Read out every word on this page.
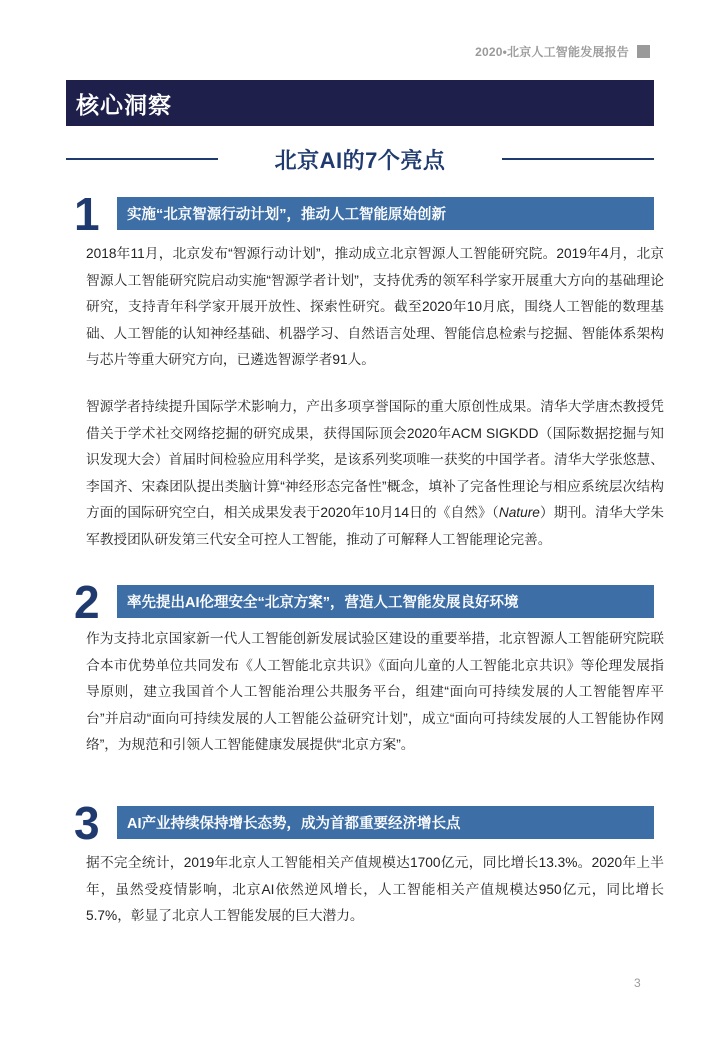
2020•北京人工智能发展报告
核心洞察
北京AI的7个亮点
1	实施“北京智源行动计划”，推动人工智能原始创新

2018年11月，北京发布“智源行动计划”，推动成立北京智源人工智能研究院。2019年4月，北京智源人工智能研究院启动实施“智源学者计划”，支持优秀的领军科学家开展重大方向的基础理论研究，支持青年科学家开展开放性、探索性研究。截至2020年10月底，围绕人工智能的数理基础、人工智能的认知神经基础、机器学习、自然语言处理、智能信息检索与挖掘、智能体系架构与芯片等重大研究方向，已遴选智源学者91人。

智源学者持续提升国际学术影响力，产出多项享誉国际的重大原创性成果。清华大学唐杰教授凭借关于学术社交网络挖掘的研究成果，获得国际顶会2020年ACM SIGKDD（国际数据挖掘与知识发现大会）首届时间检验应用科学奖，是该系列奖项唯一获奖的中国学者。清华大学张悠慧、李国齐、宋森团队提出类脑计算“神经形态完备性”概念，填补了完备性理论与相应系统层次结构方面的国际研究空白，相关成果发表于2020年10月14日的《自然》（Nature）期刊。清华大学朱军教授团队研发第三代安全可控人工智能，推动了可解释人工智能理论完善。

2	率先提出AI伦理安全“北京方案”，营造人工智能发展良好环境

作为支持北京国家新一代人工智能创新发展试验区建设的重要举措，北京智源人工智能研究院联合本市优势单位共同发布《人工智能北京共识》《面向儿童的人工智能北京共识》等伦理发展指导原则，建立我国首个人工智能治理公共服务平台，组建“面向可持续发展的人工智能智库平台”并启动“面向可持续发展的人工智能公益研究计划”，成立“面向可持续发展的人工智能协作网络”，为规范和引领人工智能健康发展提供“北京方案”。

3	AI产业持续保持增长态势，成为首都重要经济增长点

据不完全统计，2019年北京人工智能相关产值规模达1700亿元，同比增长13.3%。2020年上半年，虽然受疫情影响，北京AI依然逆风增长，人工智能相关产值规模达950亿元，同比增长5.7%，彰显了北京人工智能发展的巨大潜力。

3
